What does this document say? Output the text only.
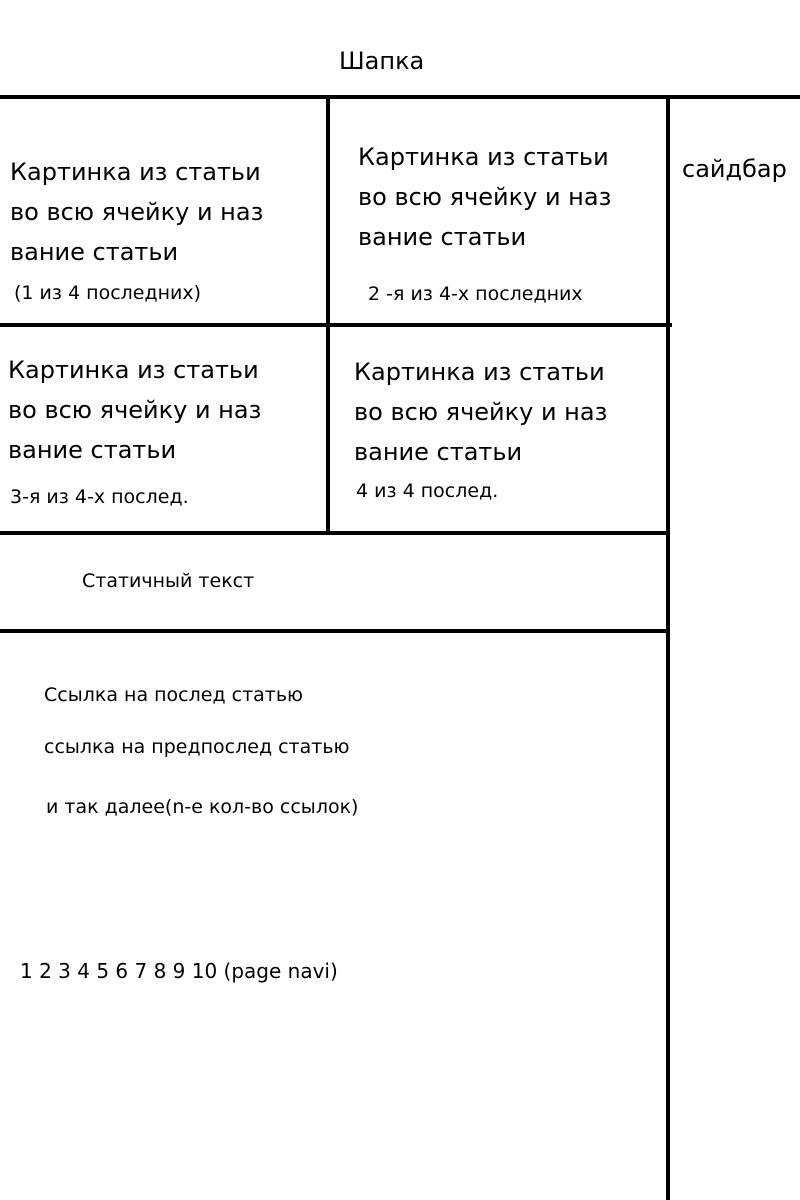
Шапка
сайдбар
Картинка из статьи
во всю ячейку и наз
вание статьи
(1 из 4 последних)
Картинка из статьи
во всю ячейку и наз
вание статьи
2 -я из 4-х последних
Картинка из статьи
во всю ячейку и наз
вание статьи
3-я из 4-х послед.
Картинка из статьи
во всю ячейку и наз
вание статьи
4 из 4 послед.
Статичный текст
Ссылка на послед статью
ссылка на предпослед статью
и так далее(n-е кол-во ссылок)
1 2 3 4 5 6 7 8 9 10 (page navi)
